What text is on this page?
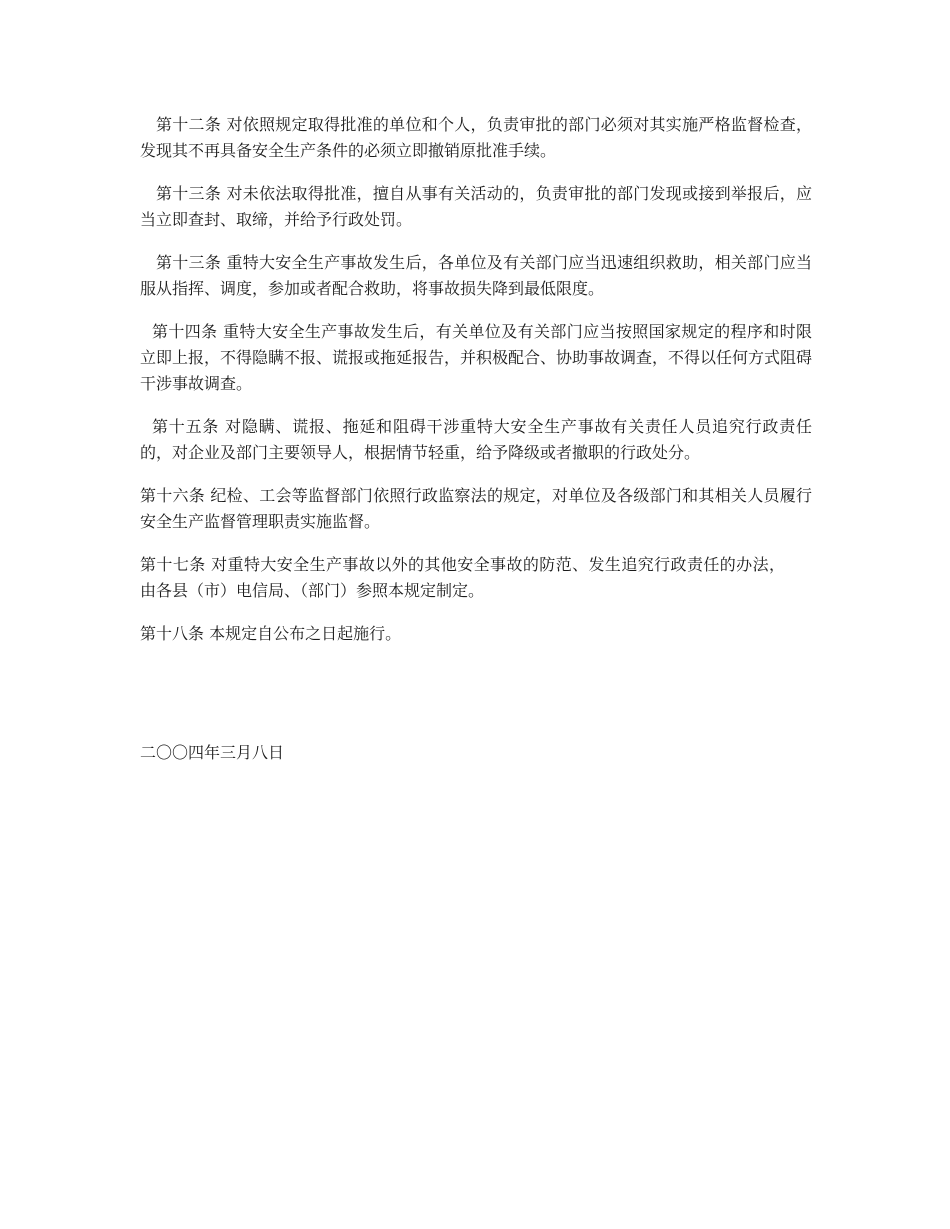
第十二条 对依照规定取得批准的单位和个人，负责审批的部门必须对其实施严格监督检查，发现其不再具备安全生产条件的必须立即撤销原批准手续。

第十三条 对未依法取得批准，擅自从事有关活动的，负责审批的部门发现或接到举报后，应当立即查封、取缔，并给予行政处罚。

第十三条 重特大安全生产事故发生后，各单位及有关部门应当迅速组织救助，相关部门应当服从指挥、调度，参加或者配合救助，将事故损失降到最低限度。

第十四条 重特大安全生产事故发生后，有关单位及有关部门应当按照国家规定的程序和时限立即上报，不得隐瞒不报、谎报或拖延报告，并积极配合、协助事故调查，不得以任何方式阻碍干涉事故调查。

第十五条 对隐瞒、谎报、拖延和阻碍干涉重特大安全生产事故有关责任人员追究行政责任的，对企业及部门主要领导人，根据情节轻重，给予降级或者撤职的行政处分。

第十六条 纪检、工会等监督部门依照行政监察法的规定，对单位及各级部门和其相关人员履行安全生产监督管理职责实施监督。

第十七条 对重特大安全生产事故以外的其他安全事故的防范、发生追究行政责任的办法，由各县（市）电信局、（部门）参照本规定制定。

第十八条 本规定自公布之日起施行。

二〇〇四年三月八日
